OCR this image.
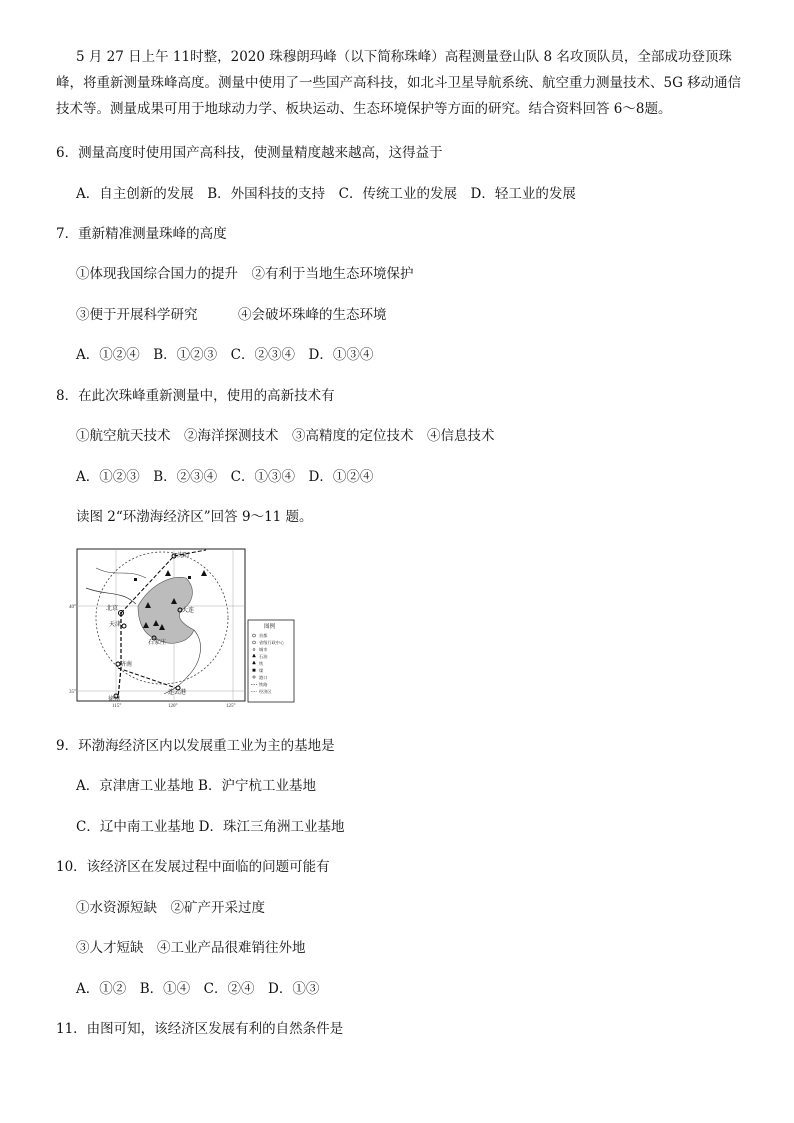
5 月 27 日上午 11时整，2020 珠穆朗玛峰（以下简称珠峰）高程测量登山队 8 名攻顶队员，全部成功登顶珠峰，将重新测量珠峰高度。测量中使用了一些国产高科技，如北斗卫星导航系统、航空重力测量技术、5G 移动通信技术等。测量成果可用于地球动力学、板块运动、生态环境保护等方面的研究。结合资料回答 6～8题。
6．测量高度时使用国产高科技，使测量精度越来越高，这得益于
A．自主创新的发展　B．外国科技的支持　C．传统工业的发展　D．轻工业的发展
7．重新精准测量珠峰的高度
①体现我国综合国力的提升　②有利于当地生态环境保护
③便于开展科学研究　　　④会破坏珠峰的生态环境
A．①②④　B．①②③　C．②③④　D．①③④
8．在此次珠峰重新测量中，使用的高新技术有
①航空航天技术　②海洋探测技术　③高精度的定位技术　④信息技术
A．①②③　B．②③④　C．①③④　D．①②④
读图 2“环渤海经济区”回答 9～11 题。
沈阳
北京
天津
大连
济南
连云港
徐州
石家庄
115°	120°	125°
40°
35°
图例
首都
省级行政中心
城市
石油
铁
煤
港口
铁路
经济区
9．环渤海经济区内以发展重工业为主的基地是
A．京津唐工业基地 B．沪宁杭工业基地
C．辽中南工业基地 D．珠江三角洲工业基地
10．该经济区在发展过程中面临的问题可能有
①水资源短缺　②矿产开采过度
③人才短缺　④工业产品很难销往外地
A．①②　B．①④　C．②④　D．①③
11．由图可知，该经济区发展有利的自然条件是
